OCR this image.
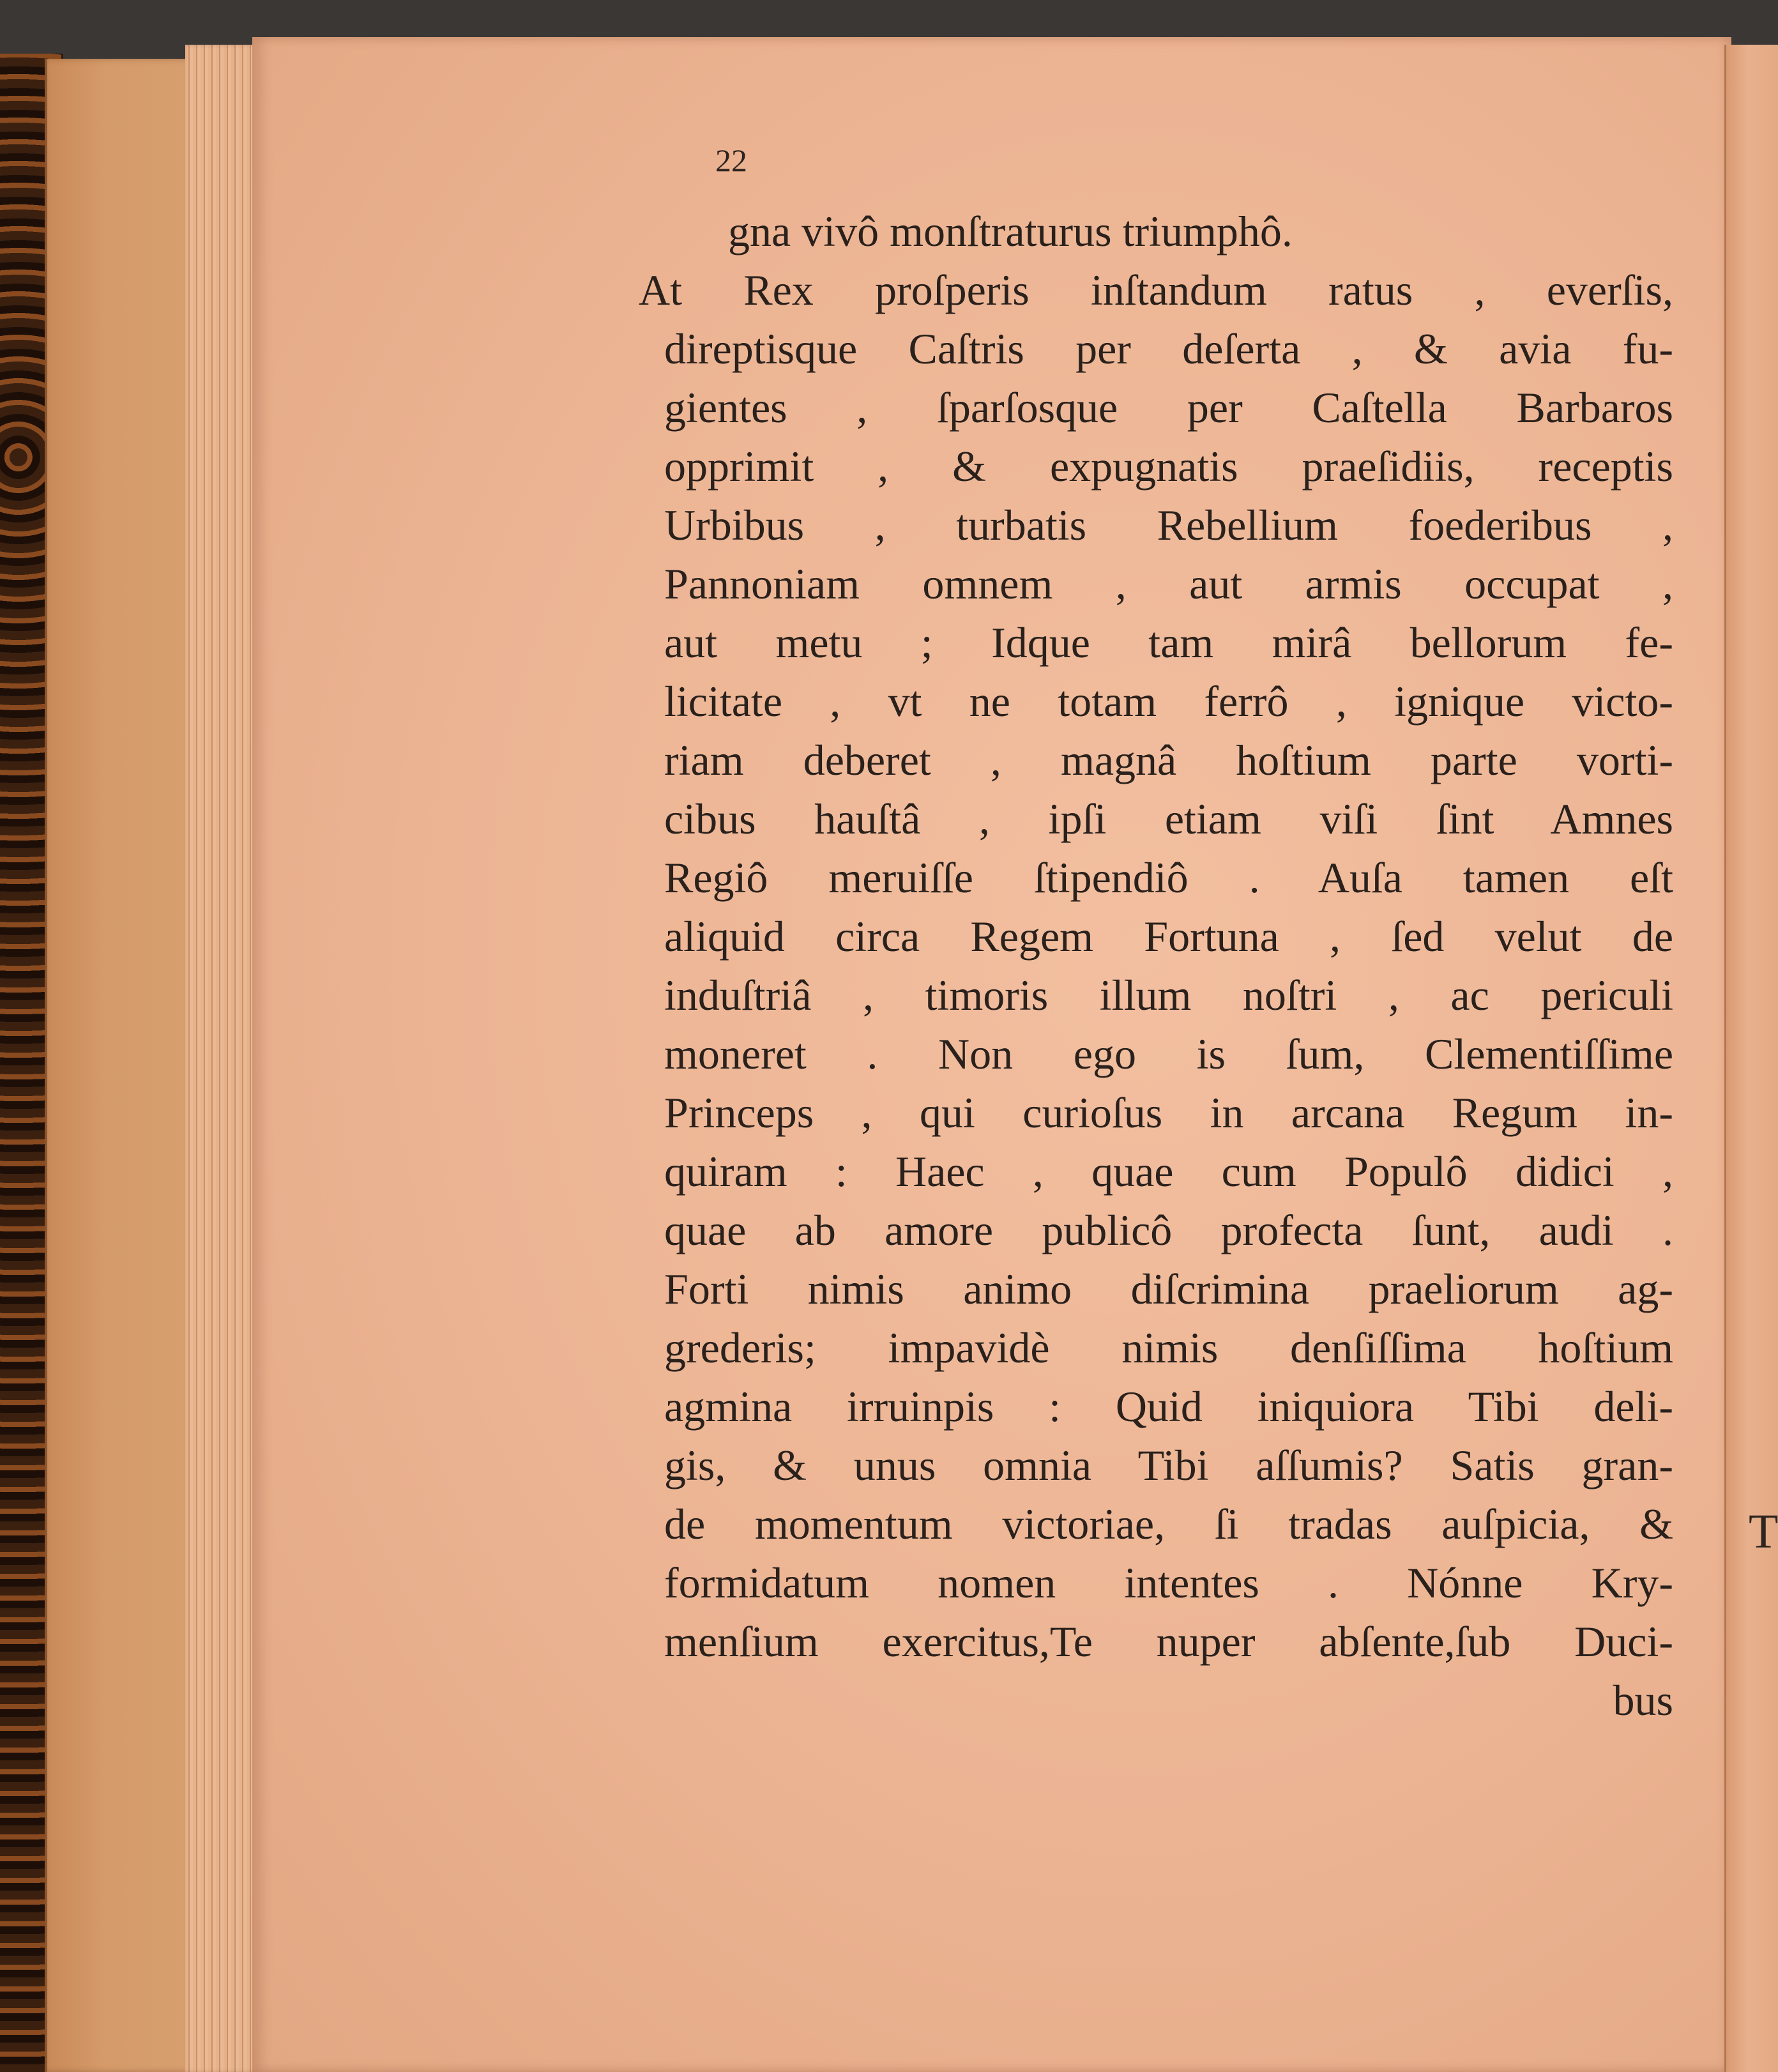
T
22
gna vivô monſtraturus triumphô.
At Rex proſperis inſtandum ratus , everſis,
direptisque Caſtris per deſerta , & avia fu-
gientes , ſparſosque per Caſtella Barbaros
opprimit , & expugnatis praeſidiis, receptis
Urbibus , turbatis Rebellium foederibus ,
Pannoniam omnem , aut armis occupat ,
aut metu ; Idque tam mirâ bellorum fe-
licitate , vt ne totam ferrô , ignique victo-
riam deberet , magnâ hoſtium parte vorti-
cibus hauſtâ , ipſi etiam viſi ſint Amnes
Regiô meruiſſe ſtipendiô . Auſa tamen eſt
aliquid circa Regem Fortuna , ſed velut de
induſtriâ , timoris illum noſtri , ac periculi
moneret . Non ego is ſum, Clementiſſime
Princeps , qui curioſus in arcana Regum in-
quiram : Haec , quae cum Populô didici ,
quae ab amore publicô profecta ſunt, audi .
Forti nimis animo diſcrimina praeliorum ag-
grederis; impavidè nimis denſiſſima hoſtium
agmina irruinpis : Quid iniquiora Tibi deli-
gis, & unus omnia Tibi aſſumis? Satis gran-
de momentum victoriae, ſi tradas auſpicia, &
formidatum nomen intentes . Nónne Kry-
menſium exercitus,Te nuper abſente,ſub Duci-
bus
